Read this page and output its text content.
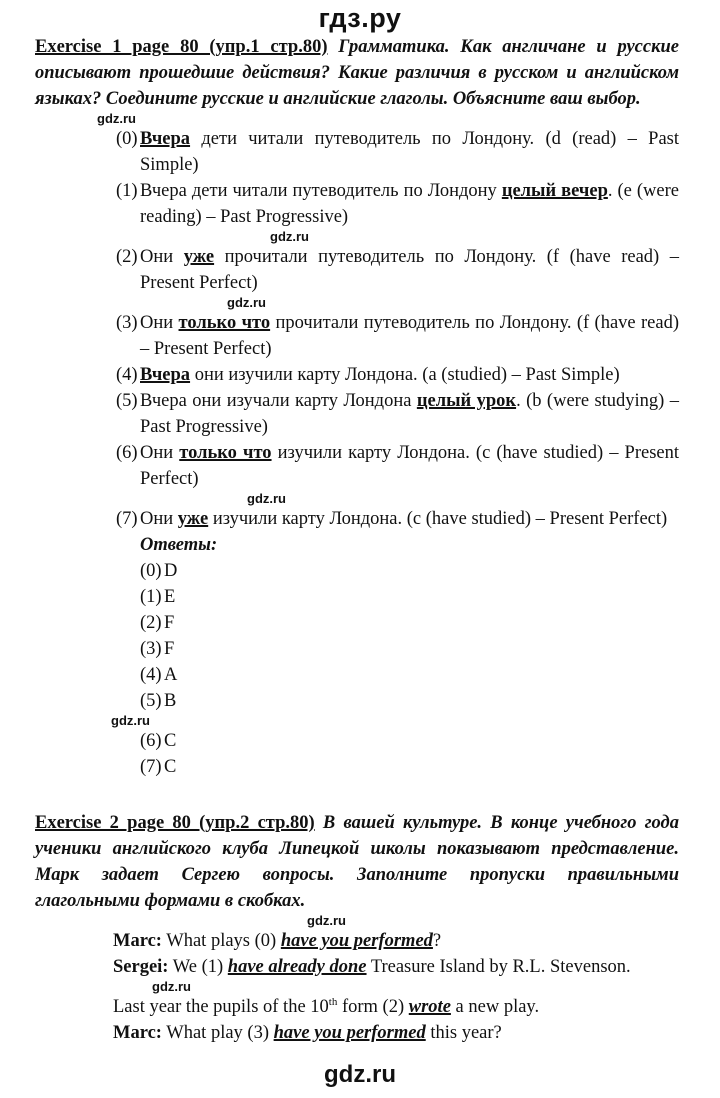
гдз.ру
Exercise 1 page 80 (упр.1 стр.80) Грамматика. Как англичане и русские описывают прошедшие действия? Какие различия в русском и английском языках? Соедините русские и английские глаголы. Объясните ваш выбор.
gdz.ru
(0) Вчера дети читали путеводитель по Лондону. (d (read) – Past Simple)
(1) Вчера дети читали путеводитель по Лондону целый вечер. (e (were reading) – Past Progressive)
gdz.ru
(2) Они уже прочитали путеводитель по Лондону. (f (have read) – Present Perfect)
gdz.ru
(3) Они только что прочитали путеводитель по Лондону. (f (have read) – Present Perfect)
(4) Вчера они изучили карту Лондона. (a (studied) – Past Simple)
(5) Вчера они изучали карту Лондона целый урок. (b (were studying) – Past Progressive)
(6) Они только что изучили карту Лондона. (c (have studied) – Present Perfect)
gdz.ru
(7) Они уже изучили карту Лондона. (c (have studied) – Present Perfect)
Ответы:
(0) D
(1) E
(2) F
(3) F
(4) A
(5) B
gdz.ru
(6) C
(7) C
Exercise 2 page 80 (упр.2 стр.80) В вашей культуре. В конце учебного года ученики английского клуба Липецкой школы показывают представление. Марк задает Сергею вопросы. Заполните пропуски правильными глагольными формами в скобках.
gdz.ru
Marc: What plays (0) have you performed?
Sergei: We (1) have already done Treasure Island by R.L. Stevenson.
gdz.ru
Last year the pupils of the 10th form (2) wrote a new play.
Marc: What play (3) have you performed this year?
gdz.ru
